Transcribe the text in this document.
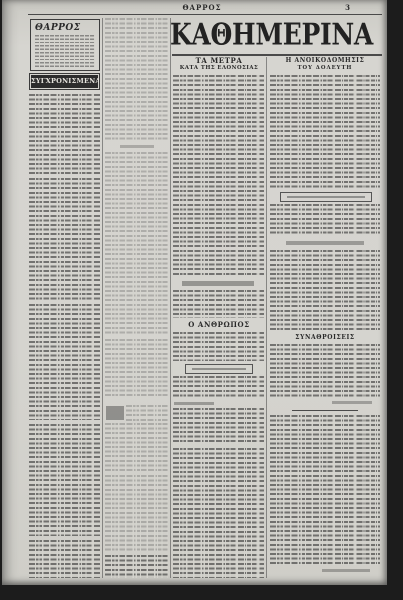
ΘΑΡΡΟΣ	3
ΘΑΡΡΟΣ
ΣΥΓΧΡΟΝΙΣΜΕΝΑ
ΚΑΘΗΜΕΡΙΝΑ
ΤΑ ΜΕΤΡΑ
ΚΑΤΑ ΤΗΣ ΕΛΟΝΟΣΙΑΣ
Ο ΑΝΘΡΩΠΟΣ
Η ΑΝΟΙΚΟΔΟΜΗΣΙΣ
ΤΟΥ ΔΟΛΕΥΤΗ
ΣΥΝΑΘΡΟΙΣΕΙΣ
